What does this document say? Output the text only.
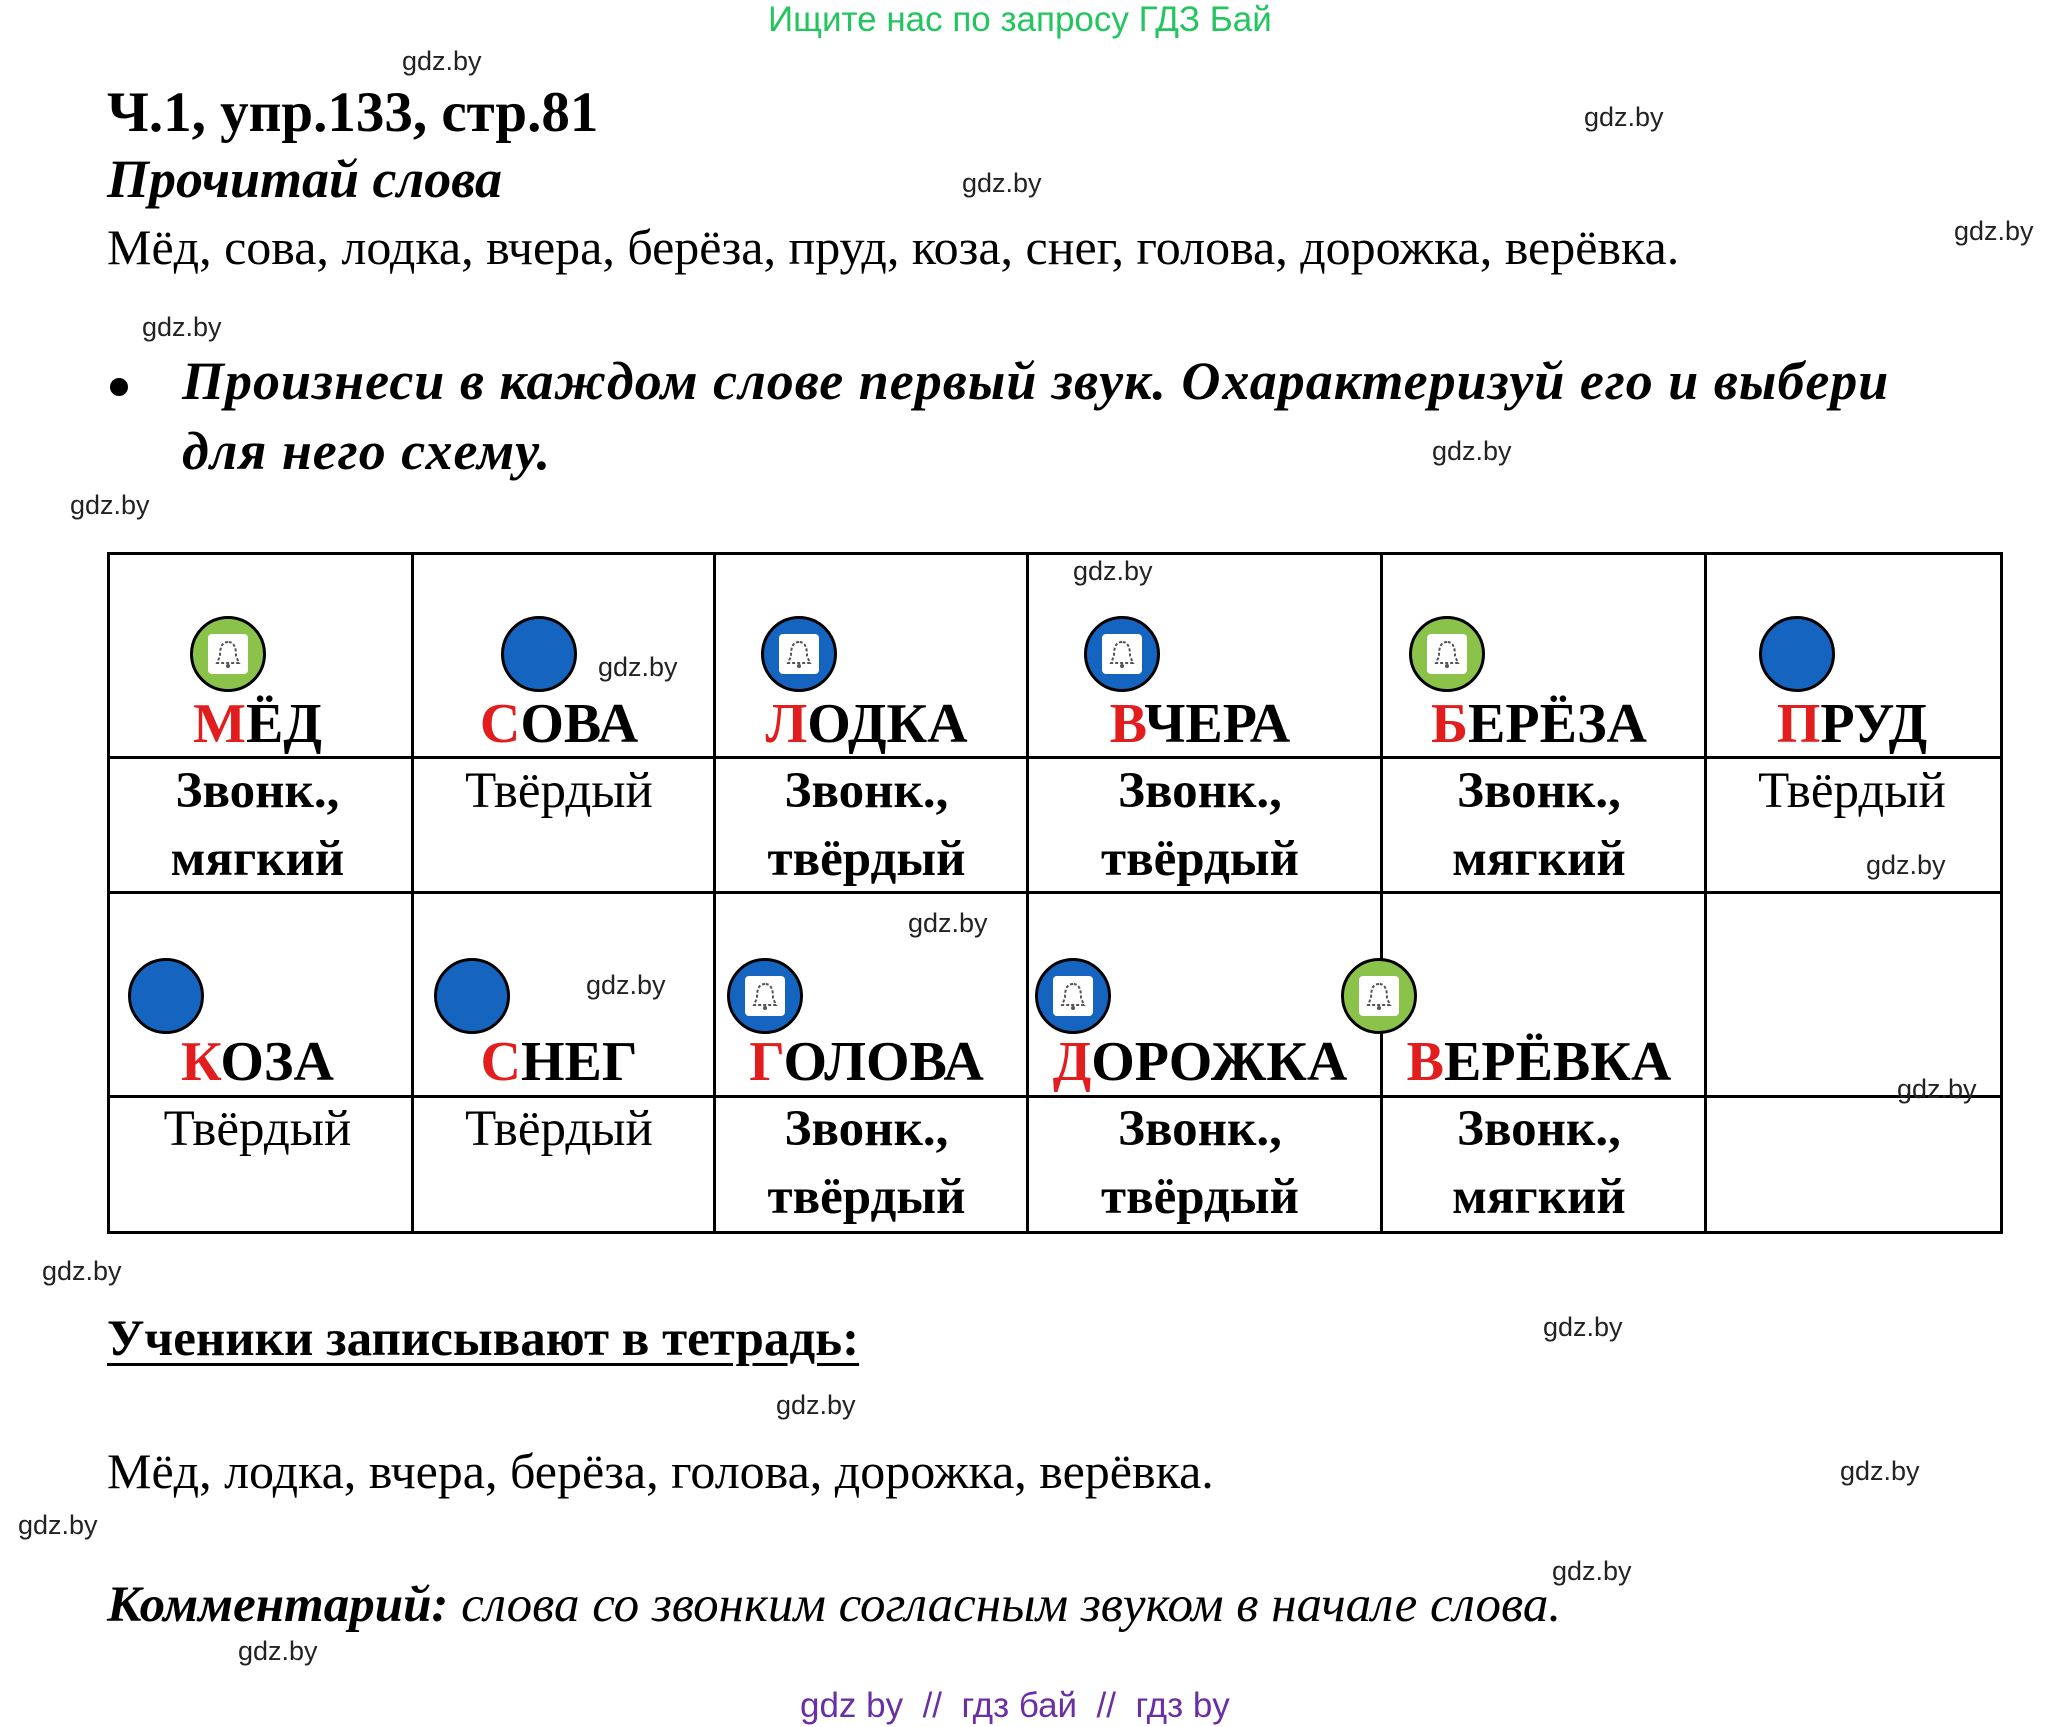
Ищите нас по запросу ГДЗ Бай
gdz.by
gdz.by
gdz.by
gdz.by
gdz.by
gdz.by
gdz.by
gdz.by
gdz.by
gdz.by
gdz.by
gdz.by
gdz.by
gdz.by
Ч.1, упр.133, стр.81
Прочитай слова
Мёд, сова, лодка, вчера, берёза, пруд, коза, снег, голова, дорожка, верёвка.
Произнеси в каждом слове первый звук. Охарактеризуй его и выбери
для него схему.
МЁД
Звонк.,
мягкий
СОВА
Твёрдый
ЛОДКА
Звонк.,
твёрдый
ВЧЕРА
Звонк.,
твёрдый
БЕРЁЗА
Звонк.,
мягкий
ПРУД
Твёрдый
КОЗА
Твёрдый
СНЕГ
Твёрдый
ГОЛОВА
Звонк.,
твёрдый
ДОРОЖКА
Звонк.,
твёрдый
ВЕРЁВКА
Звонк.,
мягкий
gdz.by
gdz.by
gdz.by
gdz.by
gdz.by
gdz.by
Ученики записывают в тетрадь:
Мёд, лодка, вчера, берёза, голова, дорожка, верёвка.
Комментарий: слова со звонким согласным звуком в начале слова.
gdz by  //  гдз бай  //  гдз by
